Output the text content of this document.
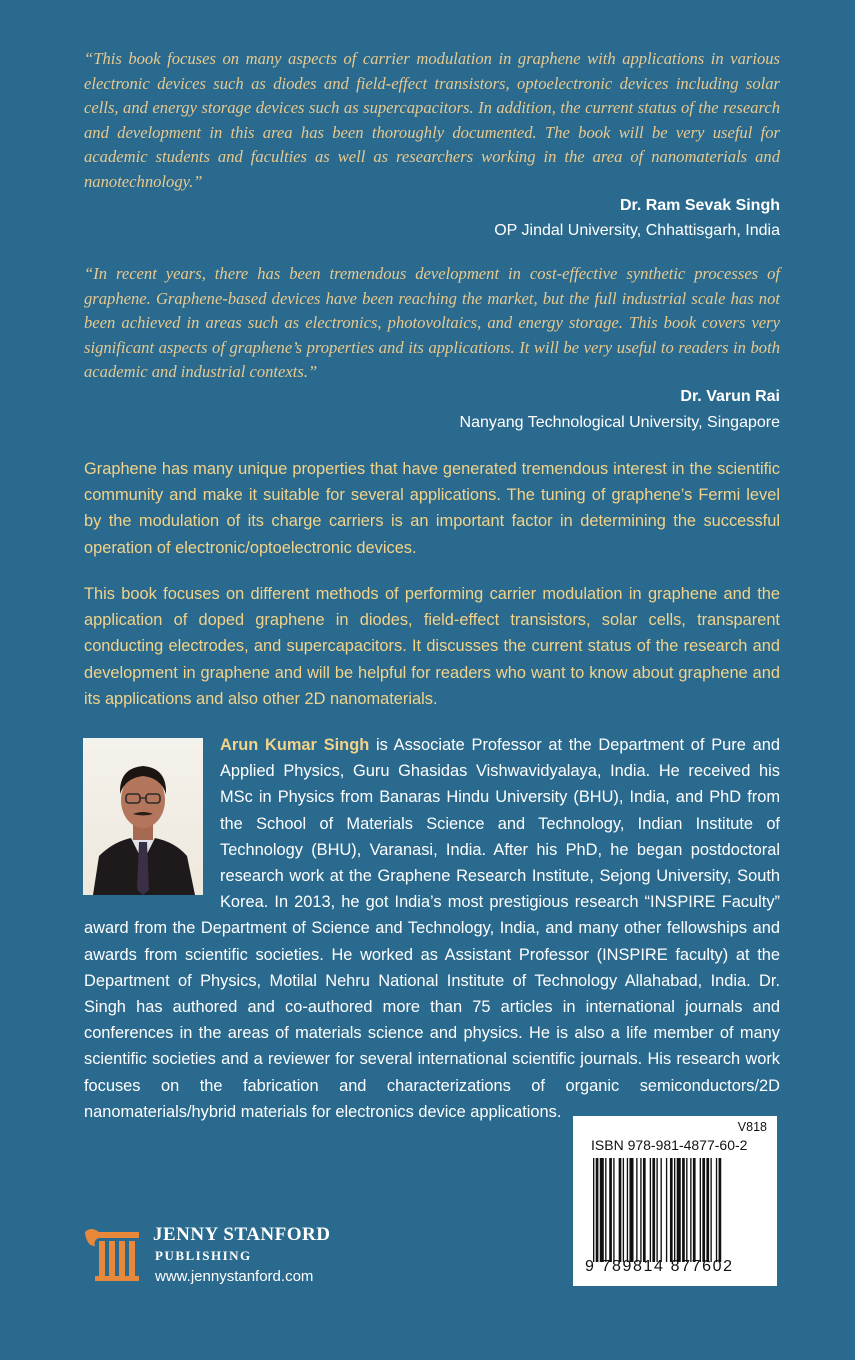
“This book focuses on many aspects of carrier modulation in graphene with applications in various electronic devices such as diodes and field-effect transistors, optoelectronic devices including solar cells, and energy storage devices such as supercapacitors. In addition, the current status of the research and development in this area has been thoroughly documented. The book will be very useful for academic students and faculties as well as researchers working in the area of nanomaterials and nanotechnology.”

Dr. Ram Sevak Singh
OP Jindal University, Chhattisgarh, India

“In recent years, there has been tremendous development in cost-effective synthetic processes of graphene. Graphene-based devices have been reaching the market, but the full industrial scale has not been achieved in areas such as electronics, photovoltaics, and energy storage. This book covers very significant aspects of graphene’s properties and its applications. It will be very useful to readers in both academic and industrial contexts.”

Dr. Varun Rai
Nanyang Technological University, Singapore

Graphene has many unique properties that have generated tremendous interest in the scientific community and make it suitable for several applications. The tuning of graphene’s Fermi level by the modulation of its charge carriers is an important factor in determining the successful operation of electronic/optoelectronic devices.

This book focuses on different methods of performing carrier modulation in graphene and the application of doped graphene in diodes, field-effect transistors, solar cells, transparent conducting electrodes, and supercapacitors. It discusses the current status of the research and development in graphene and will be helpful for readers who want to know about graphene and its applications and also other 2D nanomaterials.

Arun Kumar Singh is Associate Professor at the Department of Pure and Applied Physics, Guru Ghasidas Vishwavidyalaya, India. He received his MSc in Physics from Banaras Hindu University (BHU), India, and PhD from the School of Materials Science and Technology, Indian Institute of Technology (BHU), Varanasi, India. After his PhD, he began postdoctoral research work at the Graphene Research Institute, Sejong University, South Korea. In 2013, he got India’s most prestigious research “INSPIRE Faculty” award from the Department of Science and Technology, India, and many other fellowships and awards from scientific societies. He worked as Assistant Professor (INSPIRE faculty) at the Department of Physics, Motilal Nehru National Institute of Technology Allahabad, India. Dr. Singh has authored and co-authored more than 75 articles in international journals and conferences in the areas of materials science and physics. He is also a life member of many scientific societies and a reviewer for several international scientific journals. His research work focuses on the fabrication and characterizations of organic semiconductors/2D nanomaterials/hybrid materials for electronics device applications.

V818
ISBN 978-981-4877-60-2
9 789814 877602
JENNY STANFORD
PUBLISHING
www.jennystanford.com
